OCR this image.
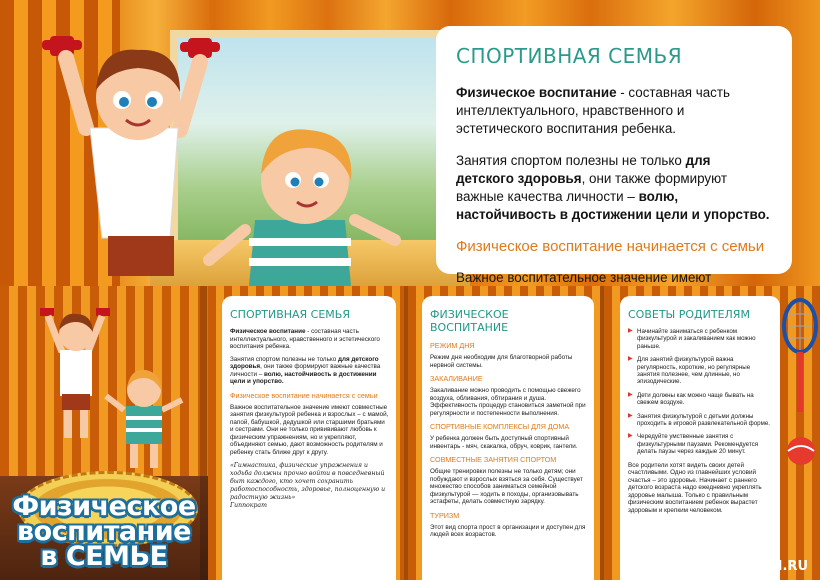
СПОРТИВНАЯ СЕМЬЯ

Физическое воспитание - составная часть интеллектуального, нравственного и эстетического воспитания ребенка.

Занятия спортом полезны не только для детского здоровья, они также формируют важные качества личности – волю, настойчивость в достижении цели и упорство.

Физическое воспитание начинается с семьи

Важное воспитательное значение имеют

Физическое
воспитание
в СЕМЬЕ
СПОРТИВНАЯ СЕМЬЯ

Физическое воспитание - составная часть интеллектуального, нравственного и эстетического воспитания ребенка.

Занятия спортом полезны не только для детского здоровья, они также формируют важные качества личности – волю, настойчивость в достижении цели и упорство.

Физическое воспитание начинается с семьи

Важное воспитательное значение имеют совместные занятия физкультурой ребенка и взрослых – с мамой, папой, бабушкой, дедушкой или старшими братьями и сестрами. Они не только привививают любовь к физическим упражнениям, но и укрепляют, объединяют семью, дают возможность родителям и ребенку стать ближе друг к другу.

«Гимнастика, физические упражнения и ходьба должны прочно войти в повседневный быт каждого, кто хочет сохранить работоспособность, здоровье, полноценную и радостную жизнь»
Гиппократ
ФИЗИЧЕСКОЕ ВОСПИТАНИЕ
РЕЖИМ ДНЯ

Режим дня необходим для благотворной работы нервной системы.

ЗАКАЛИВАНИЕ

Закаливание можно проводить с помощью свежего воздуха, обливания, обтирания и душа. Эффективность процедур становиться заметной при регулярности и постепенности выполнения.

СПОРТИВНЫЕ КОМПЛЕКСЫ ДЛЯ ДОМА

У ребенка должен быть доступный спортивный инвентарь - мяч, скакалка, обруч, коврик, гантели.

СОВМЕСТНЫЕ ЗАНЯТИЯ СПОРТОМ

Общие тренировки полезны не только детям; они побуждают и взрослых взяться за себя. Существует множество способов заниматься семейной физкультурой — ходить в походы, организовывать эстафеты, делать совместную зарядку.

ТУРИЗМ

Этот вид спорта прост в организации и доступен для людей всех возрастов.

СОВЕТЫ РОДИТЕЛЯМ
▶ Начинайте заниматься с ребенком физкультурой и закаливанием как можно раньше.
▶ Для занятий физкультурой важна регулярность, короткие, но регулярные занятия полезнее, чем длинные, но эпизодические.
▶ Дети должны как можно чаще бывать на свежем воздухе.
▶ Занятия физкультурой с детьми должны проходить в игровой развлекательной форме.
▶ Чередуйте умственные занятия с физкультурными паузами. Рекомендуется делать паузы через каждые 20 минут.

Все родители хотят видеть своих детей счастливыми. Одно из главнейших условий счастья – это здоровье. Начинает с раннего детского возраста надо ежедневно укреплять здоровье малыша. Только с правильным физическим воспитанием ребенок вырастет здоровым и крепким человеком.

MAAM.RU
